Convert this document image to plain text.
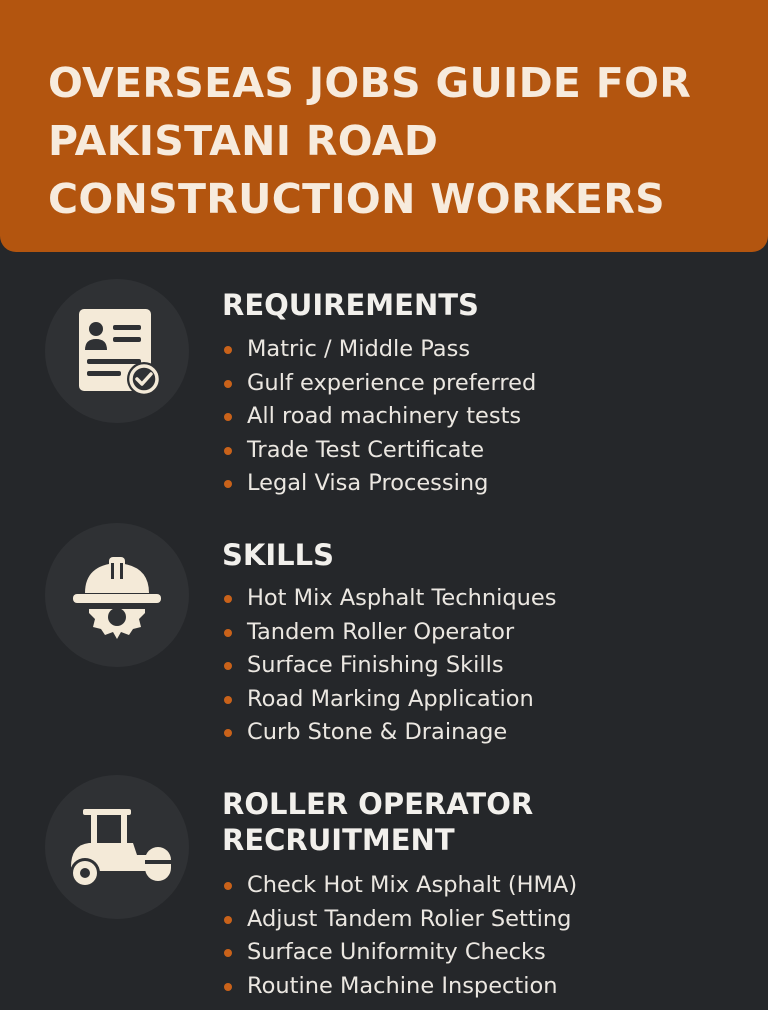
OVERSEAS JOBS GUIDE FOR PAKISTANI ROAD CONSTRUCTION WORKERS
REQUIREMENTS
Matric / Middle Pass
Gulf experience preferred
All road machinery tests
Trade Test Certificate
Legal Visa Processing
SKILLS
Hot Mix Asphalt Techniques
Tandem Roller Operator
Surface Finishing Skills
Road Marking Application
Curb Stone & Drainage
ROLLER OPERATOR RECRUITMENT
Check Hot Mix Asphalt (HMA)
Adjust Tandem Rolier Setting
Surface Uniformity Checks
Routine Machine Inspection
